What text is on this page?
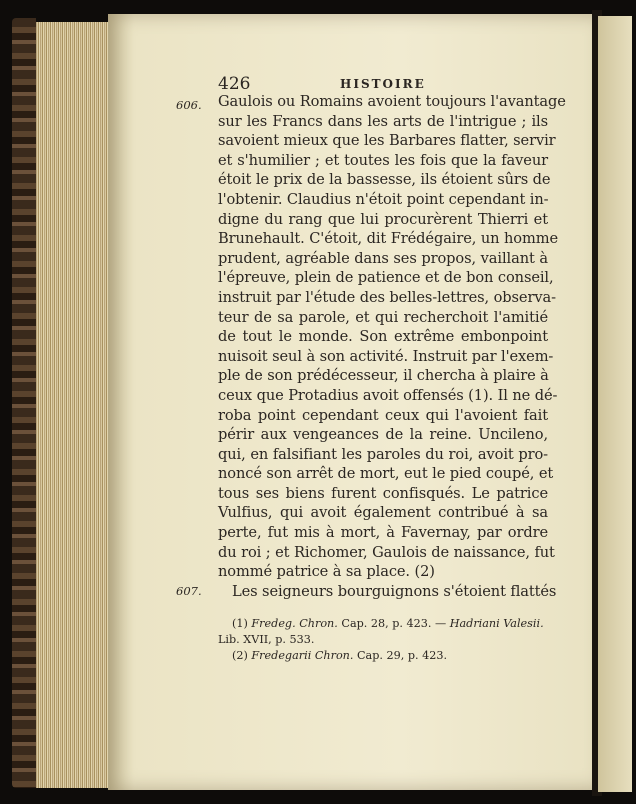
426	HISTOIRE
606.
607.
Gaulois ou Romains avoient toujours l'avantage
sur les Francs dans les arts de l'intrigue ; ils
savoient mieux que les Barbares flatter, servir
et s'humilier ; et toutes les fois que la faveur
étoit le prix de la bassesse, ils étoient sûrs de
l'obtenir. Claudius n'étoit point cependant in-
digne du rang que lui procurèrent Thierri et
Brunehault. C'étoit, dit Frédégaire, un homme
prudent, agréable dans ses propos, vaillant à
l'épreuve, plein de patience et de bon conseil,
instruit par l'étude des belles-lettres, observa-
teur de sa parole, et qui recherchoit l'amitié
de tout le monde. Son extrême embonpoint
nuisoit seul à son activité. Instruit par l'exem-
ple de son prédécesseur, il chercha à plaire à
ceux que Protadius avoit offensés (1). Il ne dé-
roba point cependant ceux qui l'avoient fait
périr aux vengeances de la reine. Uncileno,
qui, en falsifiant les paroles du roi, avoit pro-
noncé son arrêt de mort, eut le pied coupé, et
tous ses biens furent confisqués. Le patrice
Vulfius, qui avoit également contribué à sa
perte, fut mis à mort, à Favernay, par ordre
du roi ; et Richomer, Gaulois de naissance, fut
nommé patrice à sa place. (2)
Les seigneurs bourguignons s'étoient flattés
(1) Fredeg. Chron. Cap. 28, p. 423. — Hadriani Valesii.
Lib. XVII, p. 533.
(2) Fredegarii Chron. Cap. 29, p. 423.
